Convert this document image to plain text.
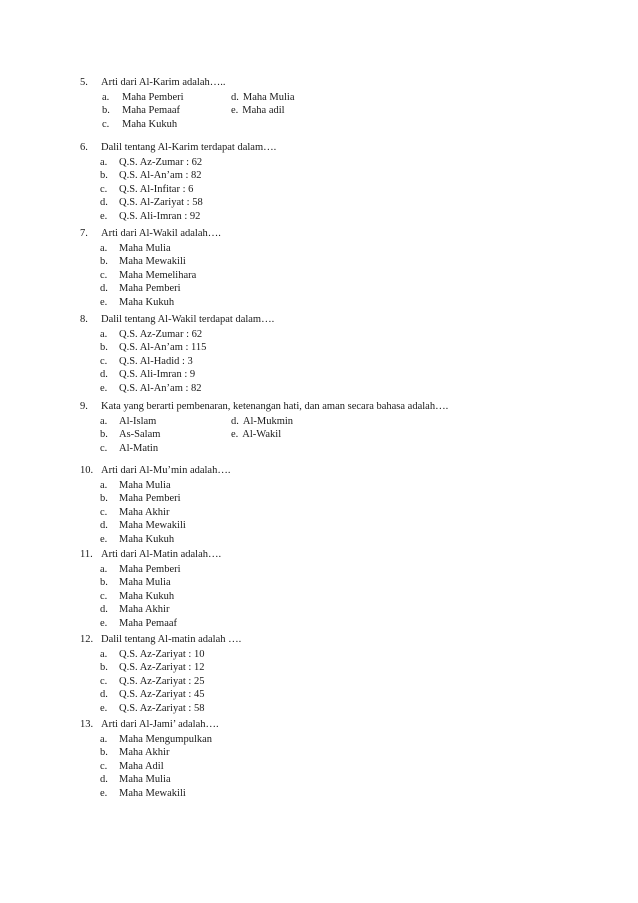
5. Arti dari Al-Karim adalah…..
a. Maha Pemberi	d. Maha Mulia
b. Maha Pemaaf	e. Maha adil
c. Maha Kukuh
6. Dalil tentang Al-Karim terdapat dalam….
a. Q.S. Az-Zumar : 62
b. Q.S. Al-An’am : 82
c. Q.S. Al-Infitar : 6
d. Q.S. Al-Zariyat : 58
e. Q.S. Ali-Imran : 92
7. Arti dari Al-Wakil adalah….
a. Maha Mulia
b. Maha Mewakili
c. Maha Memelihara
d. Maha Pemberi
e. Maha Kukuh
8. Dalil tentang Al-Wakil terdapat dalam….
a. Q.S. Az-Zumar : 62
b. Q.S. Al-An’am : 115
c. Q.S. Al-Hadid : 3
d. Q.S. Ali-Imran : 9
e. Q.S. Al-An’am : 82
9. Kata yang berarti pembenaran, ketenangan hati, dan aman secara bahasa adalah….
a. Al-Islam	d. Al-Mukmin
b. As-Salam	e. Al-Wakil
c. Al-Matin
10. Arti dari Al-Mu’min adalah….
a. Maha Mulia
b. Maha Pemberi
c. Maha Akhir
d. Maha Mewakili
e. Maha Kukuh
11. Arti dari Al-Matin adalah….
a. Maha Pemberi
b. Maha Mulia
c. Maha Kukuh
d. Maha Akhir
e. Maha Pemaaf
12. Dalil tentang Al-matin adalah ….
a. Q.S. Az-Zariyat : 10
b. Q.S. Az-Zariyat : 12
c. Q.S. Az-Zariyat : 25
d. Q.S. Az-Zariyat : 45
e. Q.S. Az-Zariyat : 58
13. Arti dari Al-Jami’ adalah….
a. Maha Mengumpulkan
b. Maha Akhir
c. Maha Adil
d. Maha Mulia
e. Maha Mewakili
